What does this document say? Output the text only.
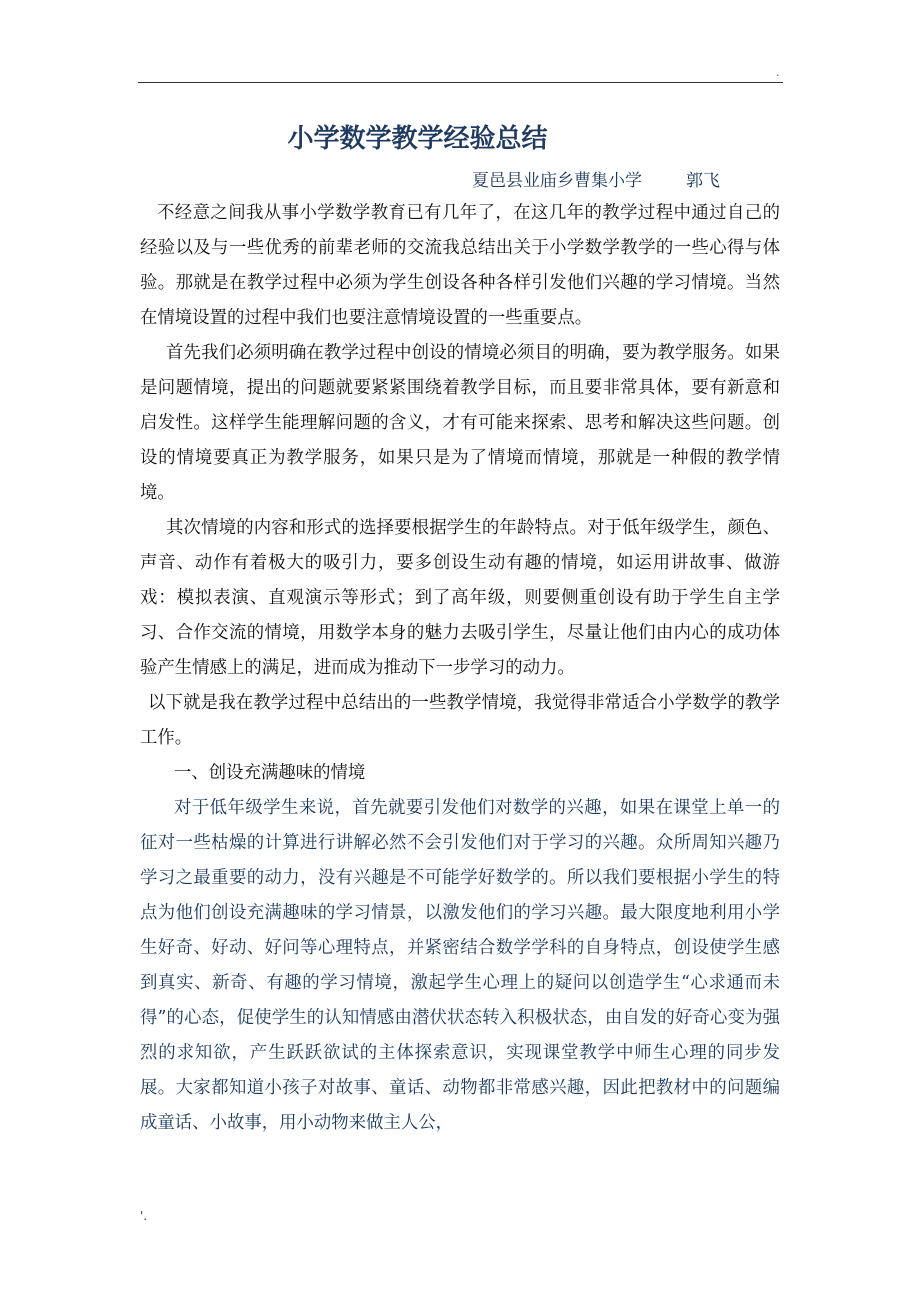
.
小学数学教学经验总结
夏邑县业庙乡曹集小学	郭飞

不经意之间我从事小学数学教育已有几年了，在这几年的教学过程中通过自己的经验以及与一些优秀的前辈老师的交流我总结出关于小学数学教学的一些心得与体验。那就是在教学过程中必须为学生创设各种各样引发他们兴趣的学习情境。当然在情境设置的过程中我们也要注意情境设置的一些重要点。

首先我们必须明确在教学过程中创设的情境必须目的明确，要为教学服务。如果是问题情境，提出的问题就要紧紧围绕着教学目标，而且要非常具体，要有新意和启发性。这样学生能理解问题的含义，才有可能来探索、思考和解决这些问题。创设的情境要真正为教学服务，如果只是为了情境而情境，那就是一种假的教学情境。

其次情境的内容和形式的选择要根据学生的年龄特点。对于低年级学生，颜色、声音、动作有着极大的吸引力，要多创设生动有趣的情境，如运用讲故事、做游戏：模拟表演、直观演示等形式；到了高年级，则要侧重创设有助于学生自主学习、合作交流的情境，用数学本身的魅力去吸引学生，尽量让他们由内心的成功体验产生情感上的满足，进而成为推动下一步学习的动力。

以下就是我在教学过程中总结出的一些教学情境，我觉得非常适合小学数学的教学工作。

一、创设充满趣味的情境

对于低年级学生来说，首先就要引发他们对数学的兴趣，如果在课堂上单一的征对一些枯燥的计算进行讲解必然不会引发他们对于学习的兴趣。众所周知兴趣乃学习之最重要的动力，没有兴趣是不可能学好数学的。所以我们要根据小学生的特点为他们创设充满趣味的学习情景，以激发他们的学习兴趣。最大限度地利用小学生好奇、好动、好问等心理特点，并紧密结合数学学科的自身特点，创设使学生感到真实、新奇、有趣的学习情境，激起学生心理上的疑问以创造学生“心求通而未得”的心态，促使学生的认知情感由潜伏状态转入积极状态，由自发的好奇心变为强烈的求知欲，产生跃跃欲试的主体探索意识，实现课堂教学中师生心理的同步发展。大家都知道小孩子对故事、童话、动物都非常感兴趣，因此把教材中的问题编成童话、小故事，用小动物来做主人公，

'.
